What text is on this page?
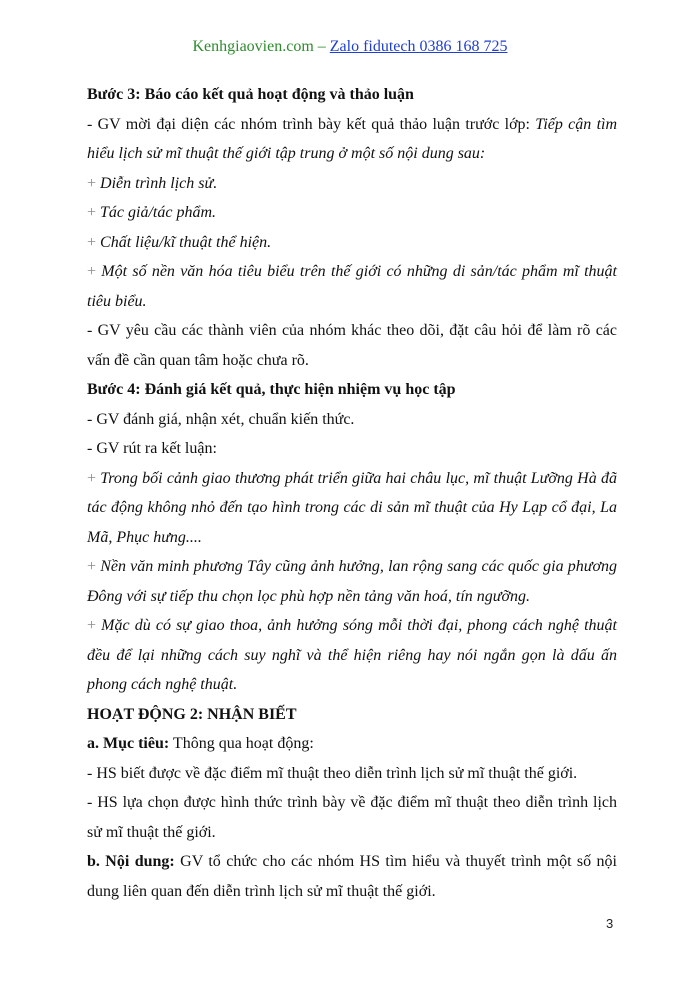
Kenhgiaovien.com – Zalo fidutech 0386 168 725

Bước 3: Báo cáo kết quả hoạt động và thảo luận

- GV mời đại diện các nhóm trình bày kết quả thảo luận trước lớp: Tiếp cận tìm hiểu lịch sử mĩ thuật thế giới tập trung ở một số nội dung sau:

+ Diễn trình lịch sử.

+ Tác giả/tác phẩm.

+ Chất liệu/kĩ thuật thể hiện.

+ Một số nền văn hóa tiêu biểu trên thế giới có những di sản/tác phẩm mĩ thuật tiêu biểu.

- GV yêu cầu các thành viên của nhóm khác theo dõi, đặt câu hỏi để làm rõ các vấn đề cần quan tâm hoặc chưa rõ.

Bước 4: Đánh giá kết quả, thực hiện nhiệm vụ học tập

- GV đánh giá, nhận xét, chuẩn kiến thức.

- GV rút ra kết luận:

+ Trong bối cảnh giao thương phát triển giữa hai châu lục, mĩ thuật Lưỡng Hà đã tác động không nhỏ đến tạo hình trong các di sản mĩ thuật của Hy Lạp cổ đại, La Mã, Phục hưng....

+ Nền văn minh phương Tây cũng ảnh hưởng, lan rộng sang các quốc gia phương Đông với sự tiếp thu chọn lọc phù hợp nền tảng văn hoá, tín ngưỡng.

+ Mặc dù có sự giao thoa, ảnh hưởng sóng mỗi thời đại, phong cách nghệ thuật đều để lại những cách suy nghĩ và thể hiện riêng hay nói ngắn gọn là dấu ấn phong cách nghệ thuật.

HOẠT ĐỘNG 2: NHẬN BIẾT

a. Mục tiêu: Thông qua hoạt động:

- HS biết được về đặc điểm mĩ thuật theo diễn trình lịch sử mĩ thuật thế giới.

- HS lựa chọn được hình thức trình bày về đặc điểm mĩ thuật theo diễn trình lịch sử mĩ thuật thế giới.

b. Nội dung: GV tổ chức cho các nhóm HS tìm hiểu và thuyết trình một số nội dung liên quan đến diễn trình lịch sử mĩ thuật thế giới.

3
